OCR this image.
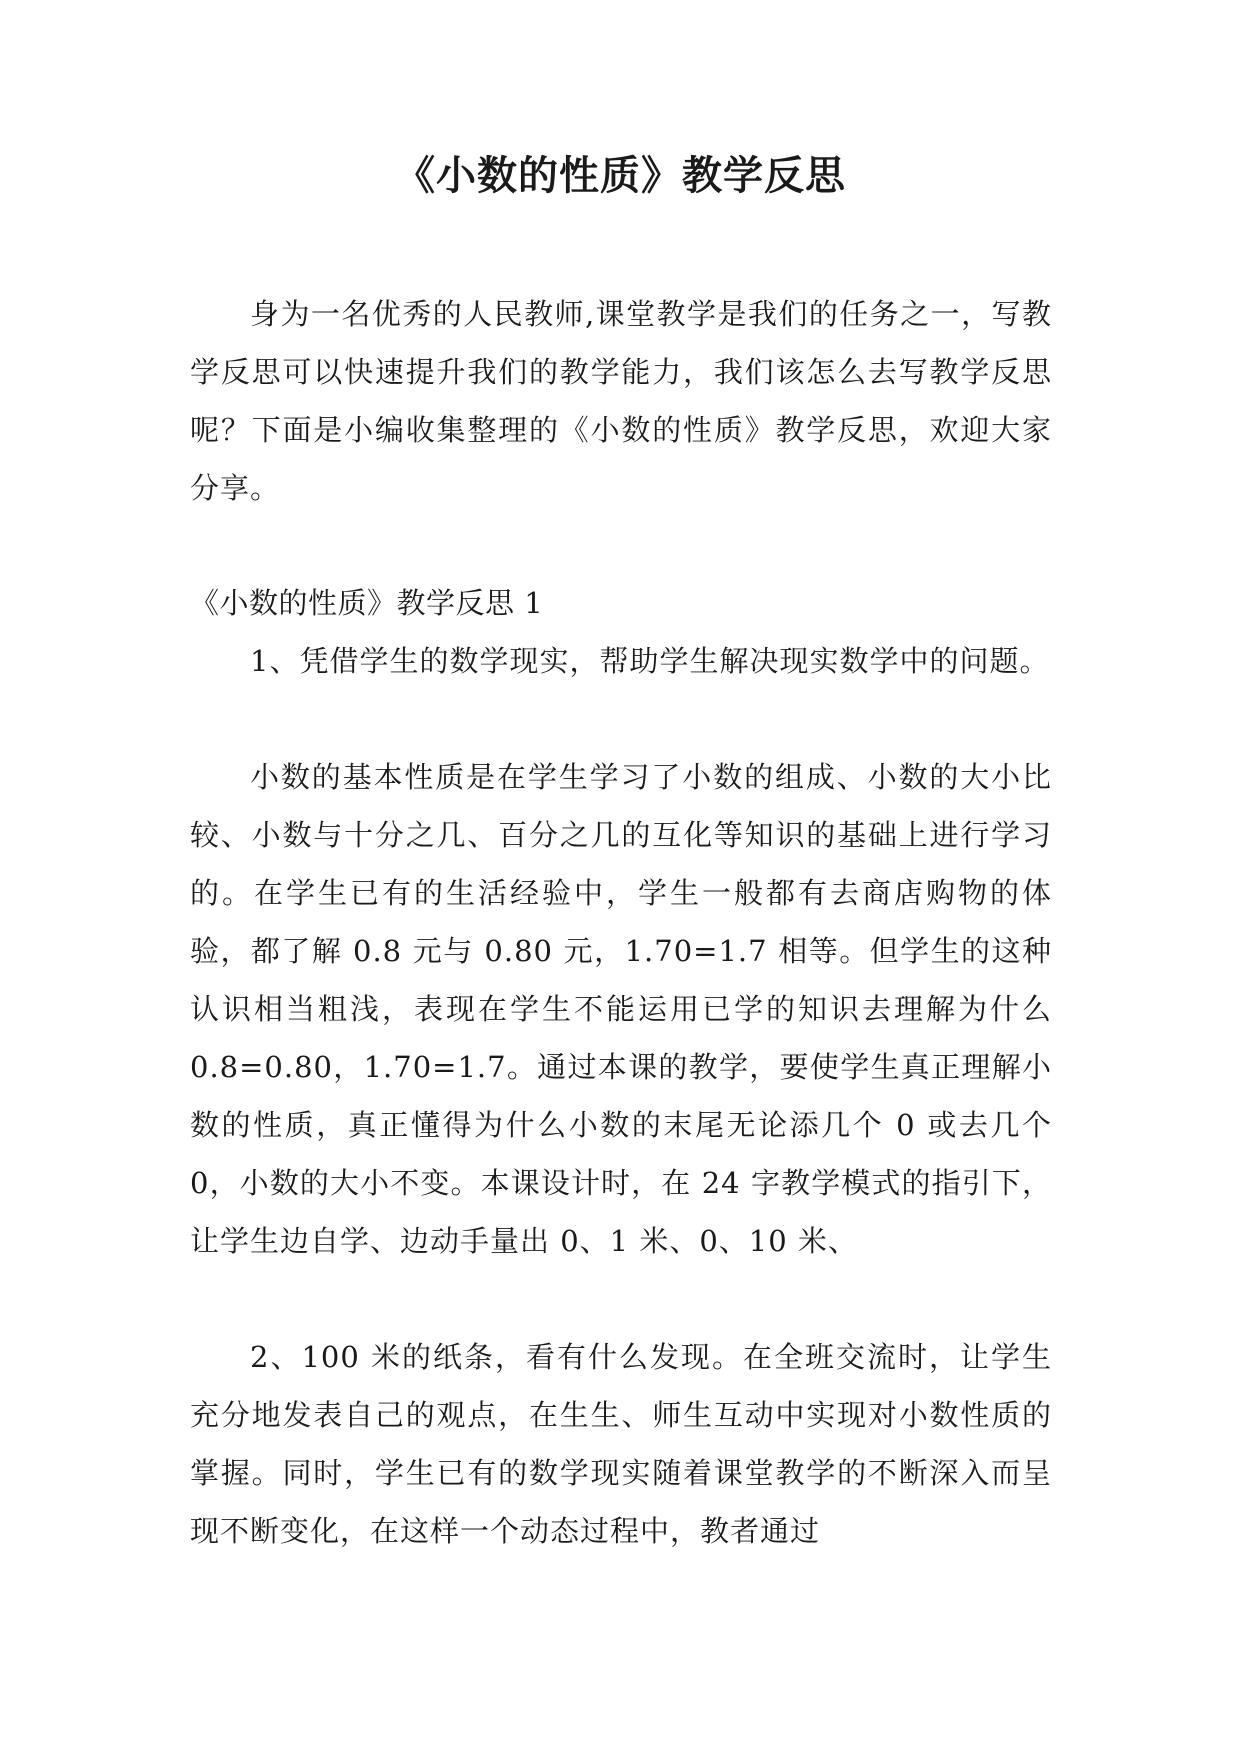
《小数的性质》教学反思

身为一名优秀的人民教师,课堂教学是我们的任务之一，写教学反思可以快速提升我们的教学能力，我们该怎么去写教学反思呢？下面是小编收集整理的《小数的性质》教学反思，欢迎大家分享。

《小数的性质》教学反思 1

1、凭借学生的数学现实，帮助学生解决现实数学中的问题。

小数的基本性质是在学生学习了小数的组成、小数的大小比较、小数与十分之几、百分之几的互化等知识的基础上进行学习的。在学生已有的生活经验中，学生一般都有去商店购物的体验，都了解 0.8 元与 0.80 元，1.70=1.7 相等。但学生的这种认识相当粗浅，表现在学生不能运用已学的知识去理解为什么 0.8=0.80，1.70=1.7。通过本课的教学，要使学生真正理解小数的性质，真正懂得为什么小数的末尾无论添几个 0 或去几个 0，小数的大小不变。本课设计时，在 24 字教学模式的指引下，让学生边自学、边动手量出 0、1 米、0、10 米、

2、100 米的纸条，看有什么发现。在全班交流时，让学生充分地发表自己的观点，在生生、师生互动中实现对小数性质的掌握。同时，学生已有的数学现实随着课堂教学的不断深入而呈现不断变化，在这样一个动态过程中，教者通过
